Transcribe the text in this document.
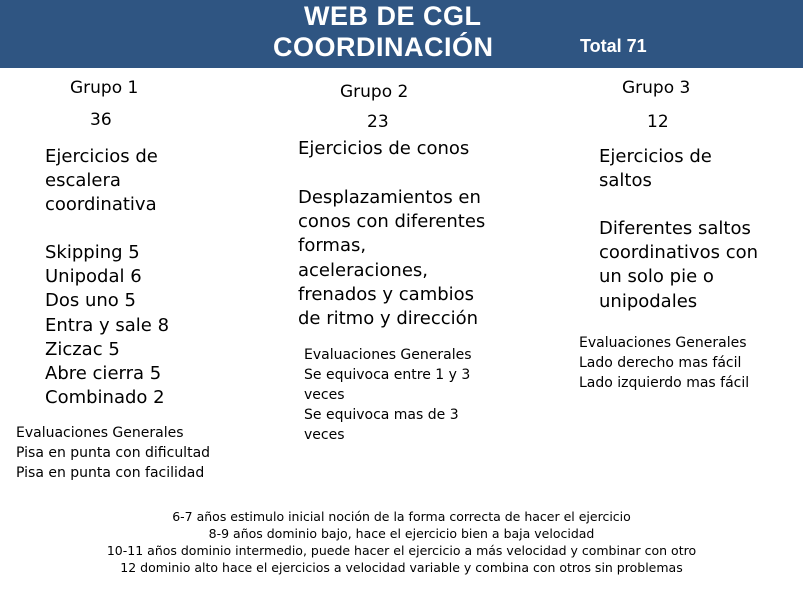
WEB DE CGL
COORDINACIÓN	Total 71
Grupo 1
36
Ejercicios de
escalera
coordinativa
Skipping 5
Unipodal 6
Dos uno 5
Entra y sale 8
Ziczac 5
Abre cierra 5
Combinado 2
Evaluaciones Generales
Pisa en punta con dificultad
Pisa en punta con facilidad
Grupo 2
23
Ejercicios de conos
Desplazamientos en
conos con diferentes
formas,
aceleraciones,
frenados y cambios
de ritmo y dirección
Evaluaciones Generales
Se equivoca entre 1 y 3
veces
Se equivoca mas de 3
veces
Grupo 3
12
Ejercicios de
saltos
Diferentes saltos
coordinativos con
un solo pie o
unipodales
Evaluaciones Generales
Lado derecho mas fácil
Lado izquierdo mas fácil
6-7 años estimulo inicial noción de la forma correcta de hacer el ejercicio
8-9 años dominio bajo, hace el ejercicio bien a baja velocidad
10-11 años dominio intermedio, puede hacer el ejercicio a más velocidad y combinar con otro
12 dominio alto hace el ejercicios a velocidad variable y combina con otros sin problemas
